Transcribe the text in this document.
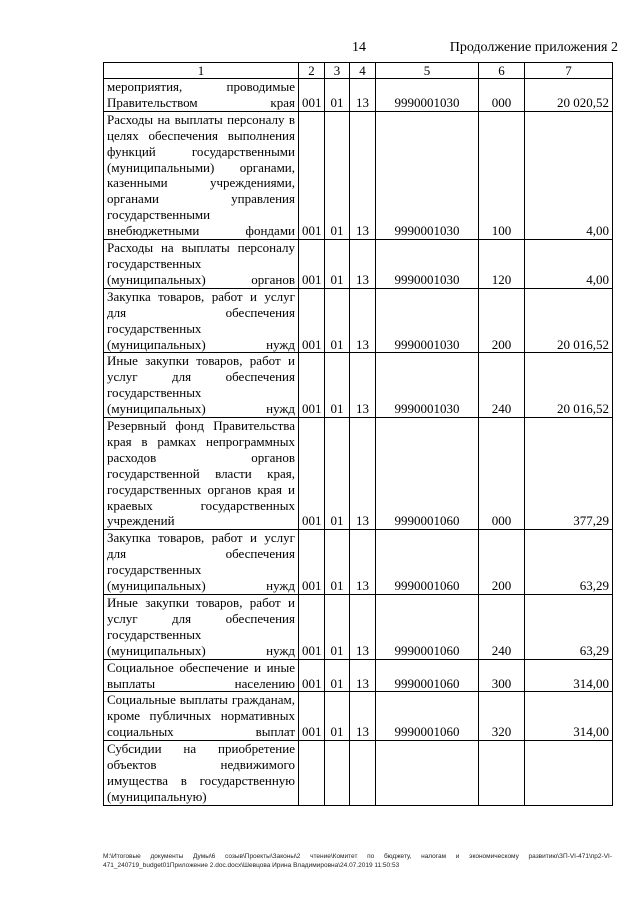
14	Продолжение приложения 2
1	2	3	4	5	6	7
мероприятия, проводимые Правительством края	001	01	13	9990001030	000	20 020,52
Расходы на выплаты персоналу в целях обеспечения выполнения функций государственными (муниципальными) органами, казенными учреждениями, органами управления государственными внебюджетными фондами	001	01	13	9990001030	100	4,00
Расходы на выплаты персоналу государственных (муниципальных) органов	001	01	13	9990001030	120	4,00
Закупка товаров, работ и услуг для обеспечения государственных (муниципальных) нужд	001	01	13	9990001030	200	20 016,52
Иные закупки товаров, работ и услуг для обеспечения государственных (муниципальных) нужд	001	01	13	9990001030	240	20 016,52
Резервный фонд Правительства края в рамках непрограммных расходов органов государственной власти края, государственных органов края и краевых государственных учреждений	001	01	13	9990001060	000	377,29
Закупка товаров, работ и услуг для обеспечения государственных (муниципальных) нужд	001	01	13	9990001060	200	63,29
Иные закупки товаров, работ и услуг для обеспечения государственных (муниципальных) нужд	001	01	13	9990001060	240	63,29
Социальное обеспечение и иные выплаты населению	001	01	13	9990001060	300	314,00
Социальные выплаты гражданам, кроме публичных нормативных социальных выплат	001	01	13	9990001060	320	314,00
Субсидии на приобретение объектов недвижимого имущества в государственную (муниципальную)						
М:\Итоговые документы Думы\6 созыв\Проекты\Законы\2 чтение\Комитет по бюджету, налогам и экономическому развитию\ЗП-VI-471\пр2-VI-471_240719_budget01Приложение 2.doc.docx\Шевцова Ирина Владимировна\24.07.2019 11:50:53
